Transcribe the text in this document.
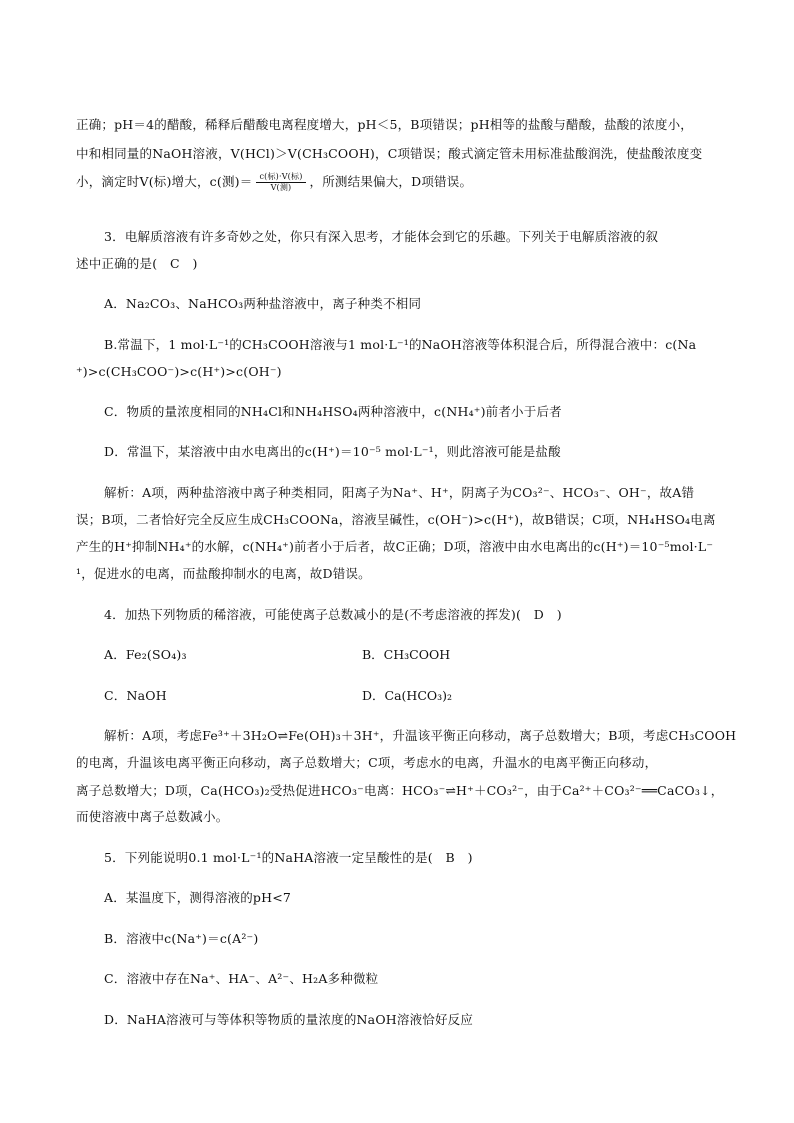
正确；pH＝4的醋酸，稀释后醋酸电离程度增大，pH＜5，B项错误；pH相等的盐酸与醋酸，盐酸的浓度小，
中和相同量的NaOH溶液，V(HCl)＞V(CH₃COOH)，C项错误；酸式滴定管未用标准盐酸润洗，使盐酸浓度变
小，滴定时V(标)增大，c(测)＝ $\frac{\text{c(标)·V(标)}}{\text{V(测)}}$ ，所测结果偏大，D项错误。
3．电解质溶液有许多奇妙之处，你只有深入思考，才能体会到它的乐趣。下列关于电解质溶液的叙
述中正确的是(　C　)
A．Na₂CO₃、NaHCO₃两种盐溶液中，离子种类不相同
B.常温下，1 mol·L⁻¹的CH₃COOH溶液与1 mol·L⁻¹的NaOH溶液等体积混合后，所得混合液中：c(Na
⁺)>c(CH₃COO⁻)>c(H⁺)>c(OH⁻)
C．物质的量浓度相同的NH₄Cl和NH₄HSO₄两种溶液中，c(NH₄⁺)前者小于后者
D．常温下，某溶液中由水电离出的c(H⁺)＝10⁻⁵ mol·L⁻¹，则此溶液可能是盐酸
解析：A项，两种盐溶液中离子种类相同，阳离子为Na⁺、H⁺，阴离子为CO₃²⁻、HCO₃⁻、OH⁻，故A错
误；B项，二者恰好完全反应生成CH₃COONa，溶液呈碱性，c(OH⁻)>c(H⁺)，故B错误；C项，NH₄HSO₄电离
产生的H⁺抑制NH₄⁺的水解，c(NH₄⁺)前者小于后者，故C正确；D项，溶液中由水电离出的c(H⁺)＝10⁻⁵mol·L⁻
¹，促进水的电离，而盐酸抑制水的电离，故D错误。
4．加热下列物质的稀溶液，可能使离子总数减小的是(不考虑溶液的挥发)(　D　)
A．Fe₂(SO₄)₃	B．CH₃COOH
C．NaOH	D．Ca(HCO₃)₂
解析：A项，考虑Fe³⁺＋3H₂O⇌Fe(OH)₃＋3H⁺，升温该平衡正向移动，离子总数增大；B项，考虑CH₃COOH
的电离，升温该电离平衡正向移动，离子总数增大；C项，考虑水的电离，升温水的电离平衡正向移动，
离子总数增大；D项，Ca(HCO₃)₂受热促进HCO₃⁻电离：HCO₃⁻⇌H⁺＋CO₃²⁻，由于Ca²⁺＋CO₃²⁻══CaCO₃↓，
而使溶液中离子总数减小。
5．下列能说明0.1 mol·L⁻¹的NaHA溶液一定呈酸性的是(　B　)
A．某温度下，测得溶液的pH<7
B．溶液中c(Na⁺)＝c(A²⁻)
C．溶液中存在Na⁺、HA⁻、A²⁻、H₂A多种微粒
D．NaHA溶液可与等体积等物质的量浓度的NaOH溶液恰好反应
